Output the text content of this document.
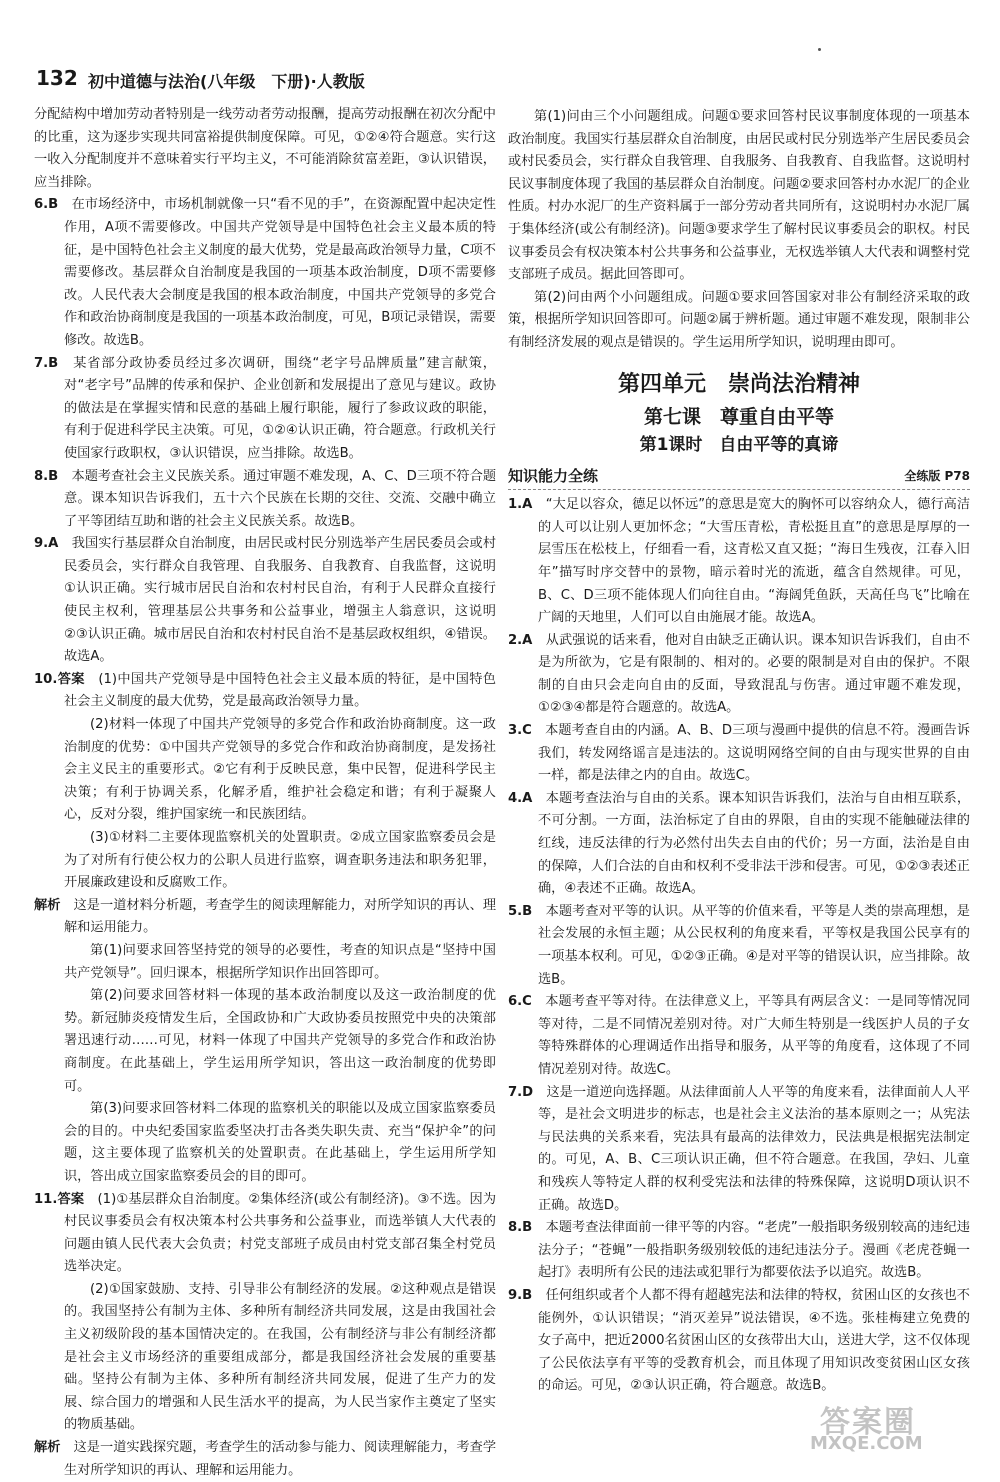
132 初中道德与法治(八年级　下册)·人教版

分配結构中增加劳动者特别是一线劳动者劳动报酬，提高劳动报酬在初次分配中的比重，这为逐步实现共同富裕提供制度保障。可见，①②④符合题意。实行这一收入分配制度并不意味着实行平均主义，不可能消除贫富差距，③认识错误，应当排除。

6.B　 在市场经济中，市场机制就像一只“看不见的手”，在资源配置中起决定性作用，A项不需要修改。中国共产党领导是中国特色社会主义最本质的特征，是中国特色社会主义制度的最大优势，党是最高政治领导力量，C项不需要修改。基层群众自治制度是我国的一项基本政治制度，D项不需要修改。人民代表大会制度是我国的根本政治制度，中国共产党领导的多党合作和政治协商制度是我国的一项基本政治制度，可见，B项记录错误，需要修改。故选B。

7.B　 某省部分政协委员经过多次调研，围绕“老字号品牌质量”建言献策，对“老字号”品牌的传承和保护、企业创新和发展提出了意见与建议。政协的做法是在掌握实情和民意的基础上履行职能，履行了参政议政的职能，有利于促进科学民主决策。可见，①②④认识正确，符合题意。行政机关行使国家行政职权，③认识错误，应当排除。故选B。

8.B　 本题考查社会主义民族关系。通过审题不难发现，A、C、D三项不符合题意。课本知识告诉我们，五十六个民族在长期的交往、交流、交融中确立了平等团结互助和谐的社会主义民族关系。故选B。

9.A　 我国实行基层群众自治制度，由居民或村民分别选举产生居民委员会或村民委员会，实行群众自我管理、自我服务、自我教育、自我监督，这说明①认识正确。实行城市居民自治和农村村民自治，有利于人民群众直接行使民主权利，管理基层公共事务和公益事业，增强主人翁意识，这说明②③认识正确。城市居民自治和农村村民自治不是基层政权组织，④错误。故选A。

10.答案　 (1)中国共产党领导是中国特色社会主义最本质的特征，是中国特色社会主义制度的最大优势，党是最高政治领导力量。

(2)材料一体现了中国共产党领导的多党合作和政治协商制度。这一政治制度的优势：①中国共产党领导的多党合作和政治协商制度，是发扬社会主义民主的重要形式。②它有利于反映民意，集中民智，促进科学民主决策；有利于协调关系，化解矛盾，维护社会稳定和谐；有利于凝聚人心，反对分裂，维护国家统一和民族团结。

(3)①材料二主要体现监察机关的处置职责。②成立国家监察委员会是为了对所有行使公权力的公职人员进行监察，调查职务违法和职务犯罪，开展廉政建设和反腐败工作。

解析　 这是一道材料分析题，考查学生的阅读理解能力，对所学知识的再认、理解和运用能力。

第(1)问要求回答坚持党的领导的必要性，考查的知识点是“坚持中国共产党领导”。回归课本，根据所学知识作出回答即可。

第(2)问要求回答材料一体现的基本政治制度以及这一政治制度的优势。新冠肺炎疫情发生后，全国政协和广大政协委员按照党中央的决策部署迅速行动……可见，材料一体现了中国共产党领导的多党合作和政治协商制度。在此基础上，学生运用所学知识，答出这一政治制度的优势即可。

第(3)问要求回答材料二体现的监察机关的职能以及成立国家监察委员会的目的。中央纪委国家监委坚决打击各类失职失责、充当“保护伞”的问题，这主要体现了监察机关的处置职责。在此基础上，学生运用所学知识，答出成立国家监察委员会的目的即可。

11.答案　 (1)①基层群众自治制度。②集体经济(或公有制经济)。③不选。因为村民议事委员会有权决策本村公共事务和公益事业，而选举镇人大代表的问题由镇人民代表大会负责；村党支部班子成员由村党支部召集全村党员选举决定。

(2)①国家鼓励、支持、引导非公有制经济的发展。②这种观点是错误的。我国坚持公有制为主体、多种所有制经济共同发展，这是由我国社会主义初级阶段的基本国情决定的。在我国，公有制经济与非公有制经济都是社会主义市场经济的重要组成部分，都是我国经济社会发展的重要基础。坚持公有制为主体、多种所有制经济共同发展，促进了生产力的发展、综合国力的增强和人民生活水平的提高，为人民当家作主奠定了坚实的物质基础。

解析　 这是一道实践探究题，考查学生的活动参与能力、阅读理解能力，考查学生对所学知识的再认、理解和运用能力。

第(1)问由三个小问题组成。问题①要求回答村民议事制度体现的一项基本政治制度。我国实行基层群众自治制度，由居民或村民分别选举产生居民委员会或村民委员会，实行群众自我管理、自我服务、自我教育、自我监督。这说明村民议事制度体现了我国的基层群众自治制度。问题②要求回答村办水泥厂的企业性质。村办水泥厂的生产资料属于一部分劳动者共同所有，这说明村办水泥厂属于集体经济(或公有制经济)。问题③要求学生了解村民议事委员会的职权。村民议事委员会有权决策本村公共事务和公益事业，无权选举镇人大代表和调整村党支部班子成员。据此回答即可。

第(2)问由两个小问题组成。问题①要求回答国家对非公有制经济采取的政策，根据所学知识回答即可。问题②属于辨析题。通过审题不难发现，限制非公有制经济发展的观点是错误的。学生运用所学知识，说明理由即可。

第四单元　崇尚法治精神
第七课　尊重自由平等
第1课时　自由平等的真谛
知识能力全练	全练版 P78

1.A　 “大足以容众，德足以怀远”的意思是宽大的胸怀可以容纳众人，德行高洁的人可以让别人更加怀念；“大雪压青松，青松挺且直”的意思是厚厚的一层雪压在松枝上，仔细看一看，这青松又直又挺；“海日生残夜，江春入旧年”描写时序交替中的景物，暗示着时光的流逝，蕴含自然规律。可见，B、C、D三项不能体现人们向往自由。“海阔凭鱼跃，天高任鸟飞”比喻在广阔的天地里，人们可以自由施展才能。故选A。

2.A　 从武强说的话来看，他对自由缺乏正确认识。课本知识告诉我们，自由不是为所欲为，它是有限制的、相对的。必要的限制是对自由的保护。不限制的自由只会走向自由的反面，导致混乱与伤害。通过审题不难发现，①②③④都是符合题意的。故选A。

3.C　 本题考查自由的内涵。A、B、D三项与漫画中提供的信息不符。漫画告诉我们，转发网络谣言是违法的。这说明网络空间的自由与现实世界的自由一样，都是法律之内的自由。故选C。

4.A　 本题考查法治与自由的关系。课本知识告诉我们，法治与自由相互联系，不可分割。一方面，法治标定了自由的界限，自由的实现不能触碰法律的红线，违反法律的行为必然付出失去自由的代价；另一方面，法治是自由的保障，人们合法的自由和权利不受非法干涉和侵害。可见，①②③表述正确，④表述不正确。故选A。

5.B　 本题考查对平等的认识。从平等的价值来看，平等是人类的崇高理想，是社会发展的永恒主题；从公民权利的角度来看，平等权是我国公民享有的一项基本权利。可见，①②③正确。④是对平等的错误认识，应当排除。故选B。

6.C　 本题考查平等对待。在法律意义上，平等具有两层含义：一是同等情况同等对待，二是不同情况差别对待。对广大师生特别是一线医护人员的子女等特殊群体的心理调适作出指导和服务，从平等的角度看，这体现了不同情况差别对待。故选C。

7.D　 这是一道逆向选择题。从法律面前人人平等的角度来看，法律面前人人平等，是社会文明进步的标志，也是社会主义法治的基本原则之一；从宪法与民法典的关系来看，宪法具有最高的法律效力，民法典是根据宪法制定的。可见，A、B、C三项认识正确，但不符合题意。在我国，孕妇、儿童和残疾人等特定人群的权利受宪法和法律的特殊保障，这说明D项认识不正确。故选D。

8.B　 本题考查法律面前一律平等的内容。“老虎”一般指职务级别较高的违纪违法分子；“苍蝇”一般指职务级别较低的违纪违法分子。漫画《老虎苍蝇一起打》表明所有公民的违法或犯罪行为都要依法予以追究。故选B。

9.B　 任何组织或者个人都不得有超越宪法和法律的特权，贫困山区的女孩也不能例外，①认识错误；“消灭差异”说法错误，④不选。张桂梅建立免费的女子高中，把近2000名贫困山区的女孩带出大山，送进大学，这不仅体现了公民依法享有平等的受教育机会，而且体现了用知识改变贫困山区女孩的命运。可见，②③认识正确，符合题意。故选B。

答案圈
MXQE.COM
